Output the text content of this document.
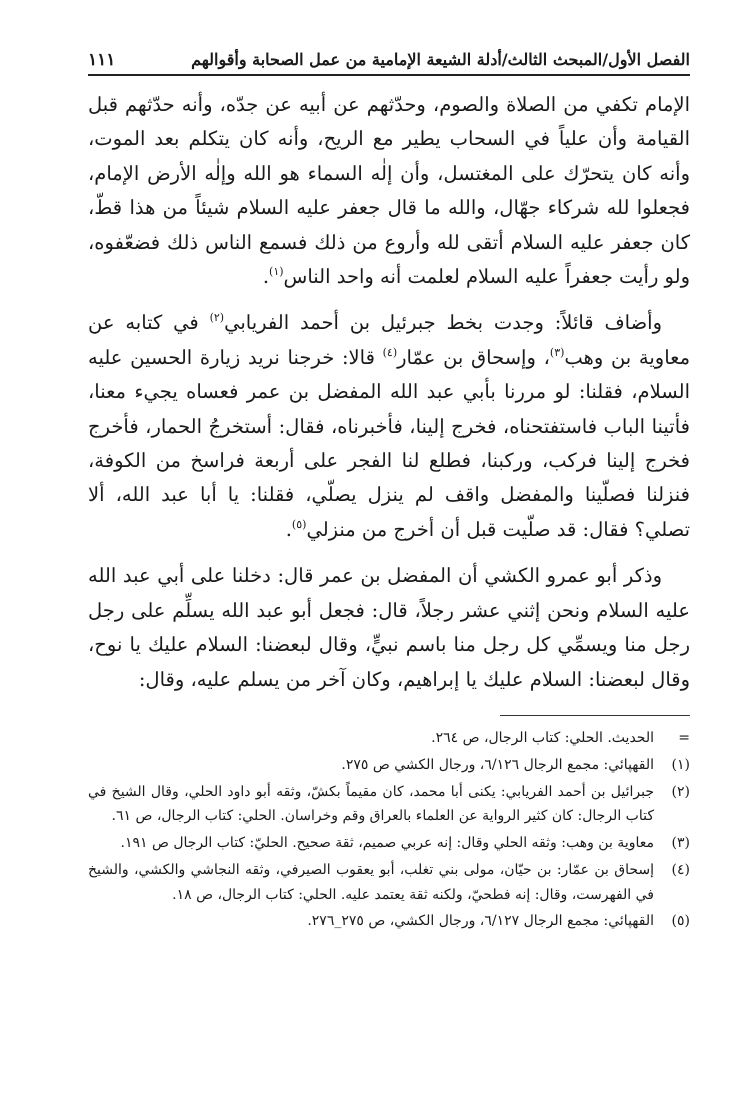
الفصل الأول/المبحث الثالث/أدلة الشيعة الإمامية من عمل الصحابة وأقوالهم
١١١

الإمام تكفي من الصلاة والصوم، وحدّثهم عن أبيه عن جدّه، وأنه حدّثهم قبل القيامة وأن علياً في السحاب يطير مع الريح، وأنه كان يتكلم بعد الموت، وأنه كان يتحرّك على المغتسل، وأن إلٰه السماء هو الله وإلٰه الأرض الإمام، فجعلوا لله شركاء جهّال، والله ما قال جعفر عليه السلام شيئاً من هذا قطّ، كان جعفر عليه السلام أتقى لله وأروع من ذلك فسمع الناس ذلك فضعّفوه، ولو رأيت جعفراً عليه السلام لعلمت أنه واحد الناس$^{(١)}$.

وأضاف قائلاً: وجدت بخط جبرئيل بن أحمد الفريابي$^{(٢)}$ في كتابه عن معاوية بن وهب$^{(٣)}$، وإسحاق بن عمّار$^{(٤)}$ قالا: خرجنا نريد زيارة الحسين عليه السلام، فقلنا: لو مررنا بأبي عبد الله المفضل بن عمر فعساه يجيء معنا، فأتينا الباب فاستفتحناه، فخرج إلينا، فأخبرناه، فقال: أستخرجُ الحمار، فأخرج فخرج إلينا فركب، وركبنا، فطلع لنا الفجر على أربعة فراسخ من الكوفة، فنزلنا فصلّينا والمفضل واقف لم ينزل يصلّي، فقلنا: يا أبا عبد الله، ألا تصلي؟ فقال: قد صلّيت قبل أن أخرج من منزلي$^{(٥)}$.

وذكر أبو عمرو الكشي أن المفضل بن عمر قال: دخلنا على أبي عبد الله عليه السلام ونحن إثني عشر رجلاً، قال: فجعل أبو عبد الله يسلِّم على رجل رجل منا ويسمِّي كل رجل منا باسم نبيٍّ، وقال لبعضنا: السلام عليك يا نوح، وقال لبعضنا: السلام عليك يا إبراهيم، وكان آخر من يسلم عليه، وقال:

=
الحديث. الحلي: كتاب الرجال، ص ٢٦٤.
(١)
القهپائي: مجمع الرجال ٦/١٢٦، ورجال الكشي ص ٢٧٥.
(٢)
جبرائيل بن أحمد الفريابي: يكنى أبا محمد، كان مقيماً بكشّ، وثقه أبو داود الحلي، وقال الشيخ في كتاب الرجال: كان كثير الرواية عن العلماء بالعراق وقم وخراسان. الحلي: كتاب الرجال، ص ٦١.
(٣)
معاوية بن وهب: وثقه الحلي وقال: إنه عربي صميم، ثقة صحيح. الحليّ: كتاب الرجال ص ١٩١.
(٤)
إسحاق بن عمّار: بن حيّان، مولى بني تغلب، أبو يعقوب الصيرفي، وثقه النجاشي والكشي، والشيخ في الفهرست، وقال: إنه فطحيّ، ولكنه ثقة يعتمد عليه. الحلي: كتاب الرجال، ص ١٨.
(٥)
القهپائي: مجمع الرجال ٦/١٢٧، ورجال الكشي، ص ٢٧٥_٢٧٦.
